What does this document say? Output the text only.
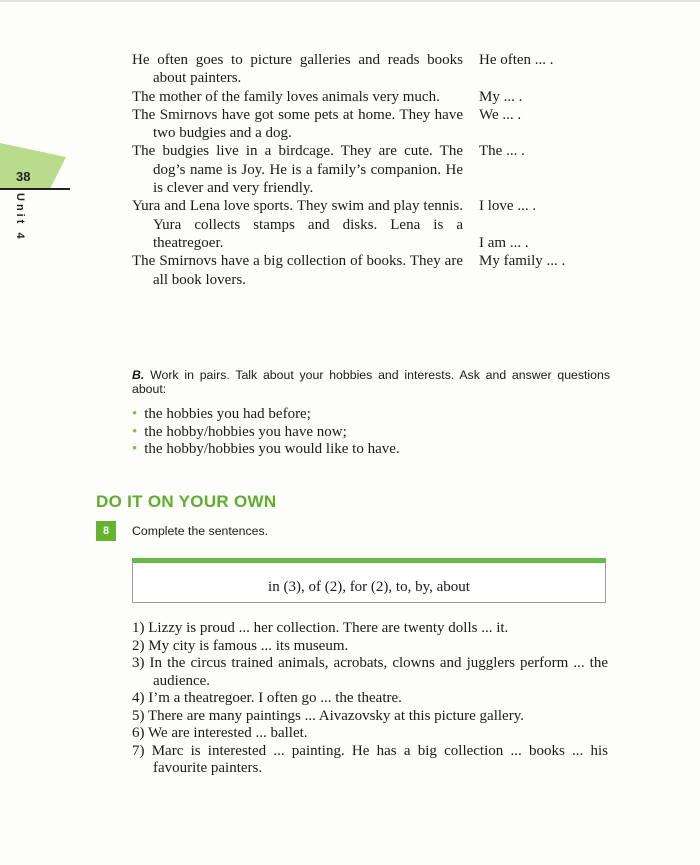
38
Unit 4
He often goes to picture galleries and reads books about painters.
He often ... .
The mother of the family loves animals very much.	My ... .
The Smirnovs have got some pets at home. They have two budgies and a dog.
We ... .
The budgies live in a birdcage. They are cute. The dog’s name is Joy. He is a family’s companion. He is clever and very friendly.
The ... .
Yura and Lena love sports. They swim and play tennis. Yura collects stamps and disks. Lena is a theatregoer.
I love ... .
I am ... .
The Smirnovs have a big collection of books. They are all book lovers.
My family ... .
B. Work in pairs. Talk about your hobbies and interests. Ask and answer questions about:
• the hobbies you had before;
• the hobby/hobbies you have now;
• the hobby/hobbies you would like to have.
DO IT ON YOUR OWN
8	Complete the sentences.
in (3), of (2), for (2), to, by, about
1) Lizzy is proud ... her collection. There are twenty dolls ... it.
2) My city is famous ... its museum.
3) In the circus trained animals, acrobats, clowns and jugglers perform ... the audience.
4) I’m a theatregoer. I often go ... the theatre.
5) There are many paintings ... Aivazovsky at this picture gallery.
6) We are interested ... ballet.
7) Marc is interested ... painting. He has a big collection ... books ... his favourite painters.
